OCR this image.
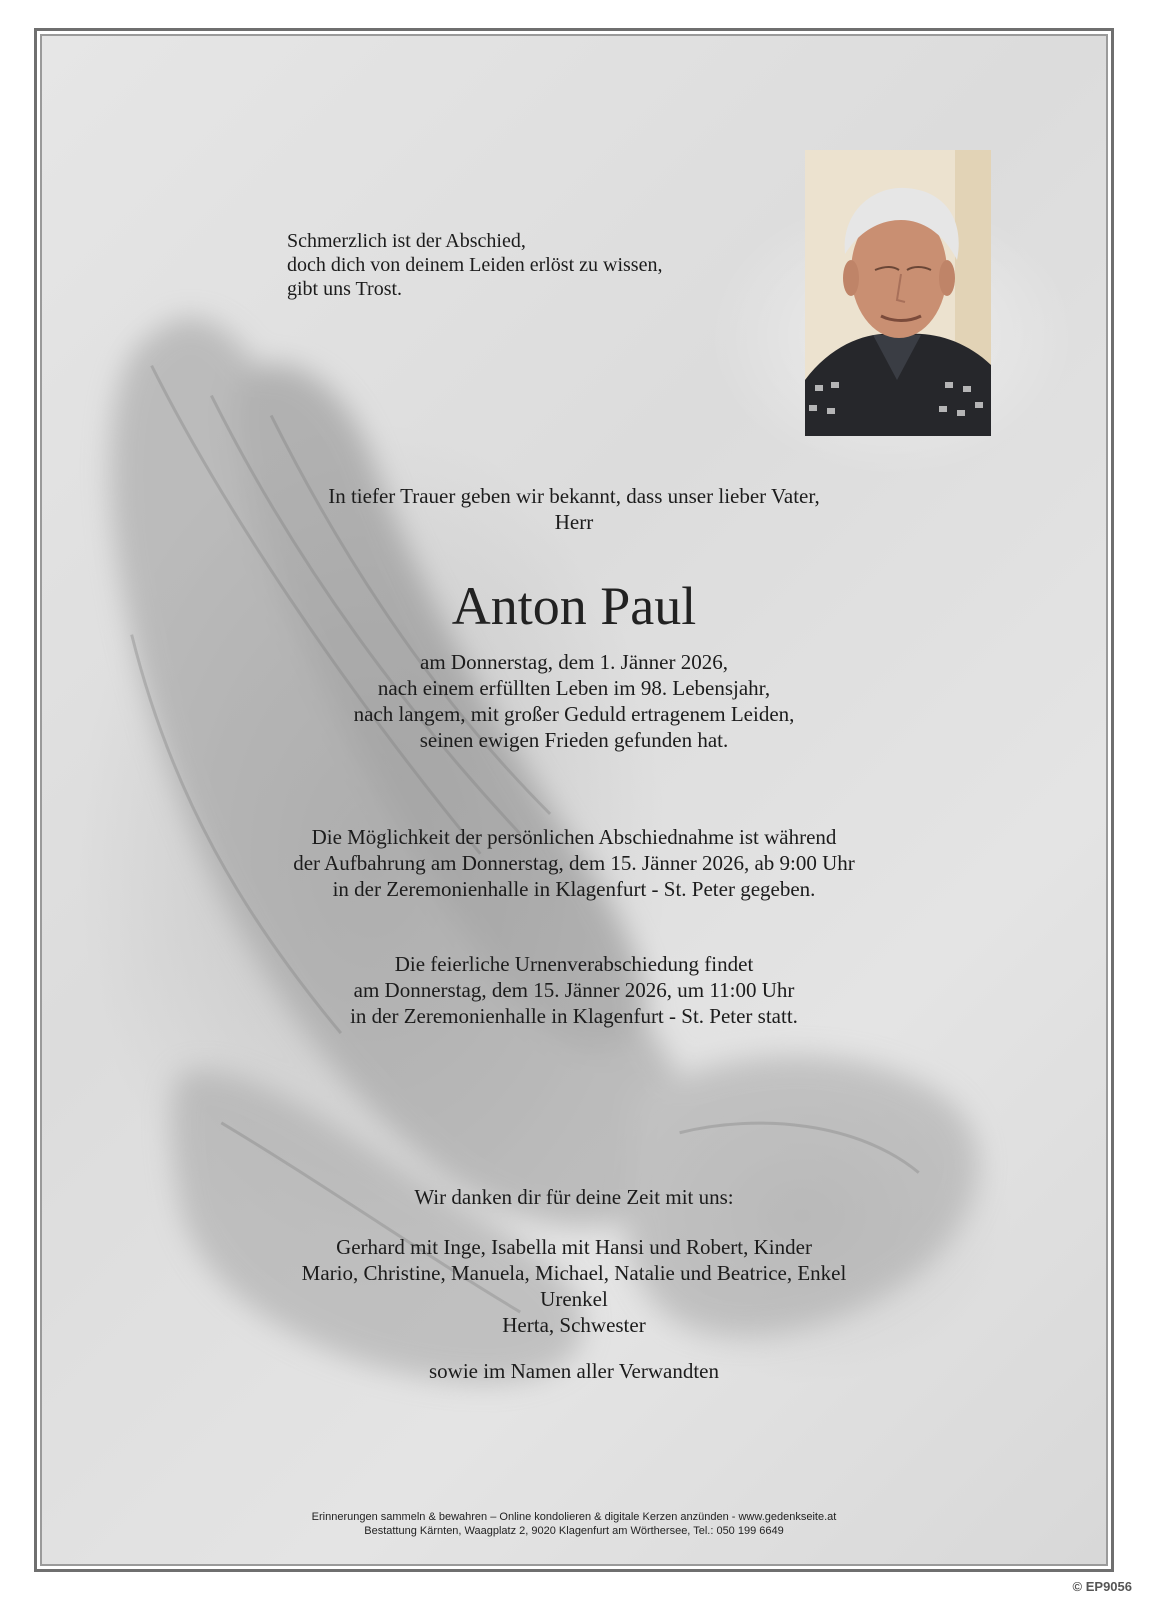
Schmerzlich ist der Abschied,
doch dich von deinem Leiden erlöst zu wissen,
gibt uns Trost.

In tiefer Trauer geben wir bekannt, dass unser lieber Vater,
Herr

Anton Paul

am Donnerstag, dem 1. Jänner 2026,
nach einem erfüllten Leben im 98. Lebensjahr,
nach langem, mit großer Geduld ertragenem Leiden,
seinen ewigen Frieden gefunden hat.

Die Möglichkeit der persönlichen Abschiednahme ist während
der Aufbahrung am Donnerstag, dem 15. Jänner 2026, ab 9:00 Uhr
in der Zeremonienhalle in Klagenfurt - St. Peter gegeben.

Die feierliche Urnenverabschiedung findet
am Donnerstag, dem 15. Jänner 2026, um 11:00 Uhr
in der Zeremonienhalle in Klagenfurt - St. Peter statt.

Wir danken dir für deine Zeit mit uns:

Gerhard mit Inge, Isabella mit Hansi und Robert, Kinder
Mario, Christine, Manuela, Michael, Natalie und Beatrice, Enkel
Urenkel
Herta, Schwester

sowie im Namen aller Verwandten

Erinnerungen sammeln & bewahren – Online kondolieren & digitale Kerzen anzünden - www.gedenkseite.at
Bestattung Kärnten, Waagplatz 2, 9020 Klagenfurt am Wörthersee, Tel.: 050 199 6649

© EP9056
